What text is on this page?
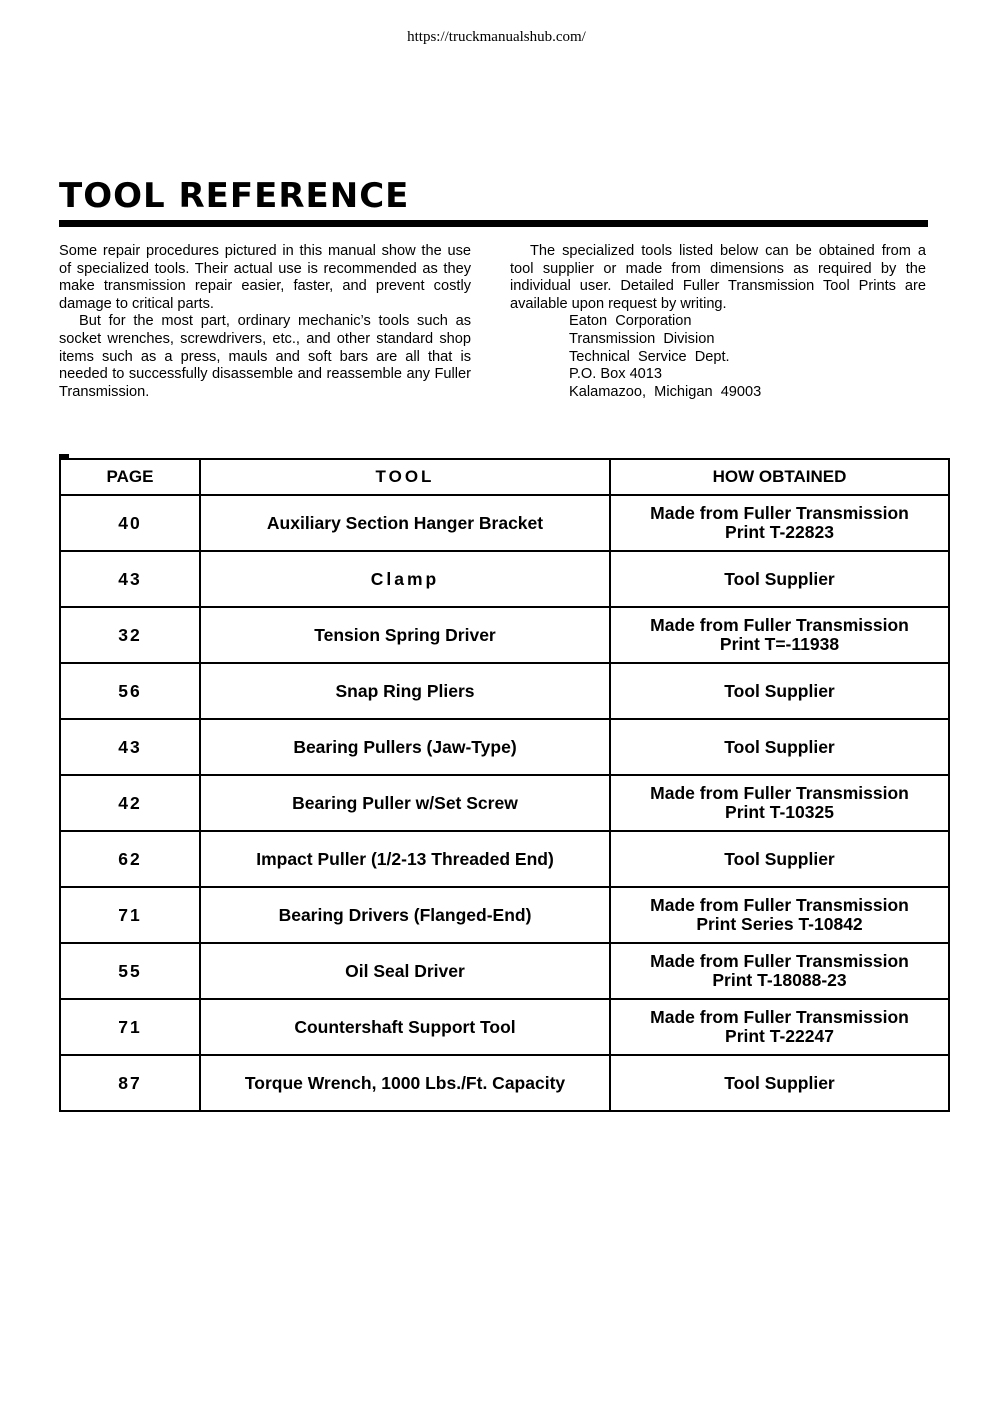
https://truckmanualshub.com/
TOOL REFERENCE

Some repair procedures pictured in this manual show the use of specialized tools. Their actual use is recommended as they make transmission repair easier, faster, and prevent costly damage to critical parts.

But for the most part, ordinary mechanic’s tools such as socket wrenches, screwdrivers, etc., and other standard shop items such as a press, mauls and soft bars are all that is needed to successfully disassemble and reassemble any Fuller Transmission.

The specialized tools listed below can be obtained from a tool supplier or made from dimensions as required by the individual user. Detailed Fuller Transmission Tool Prints are available upon request by writing.

Eaton  Corporation
Transmission  Division
Technical  Service  Dept.
P.O. Box 4013
Kalamazoo,  Michigan  49003
PAGE	TOOL	HOW OBTAINED
40	Auxiliary Section Hanger Bracket	Made from Fuller Transmission
Print T-22823

43	Clamp	Tool Supplier

32	Tension Spring Driver	Made from Fuller Transmission
Print T=-11938

56	Snap Ring Pliers	Tool Supplier

43	Bearing Pullers (Jaw-Type)	Tool Supplier

42	Bearing Puller w/Set Screw	Made from Fuller Transmission
Print T-10325

62	Impact Puller (1/2-13 Threaded End)	Tool Supplier

71	Bearing Drivers (Flanged-End)	Made from Fuller Transmission
Print Series T-10842

55	Oil Seal Driver	Made from Fuller Transmission
Print T-18088-23

71	Countershaft Support Tool	Made from Fuller Transmission
Print T-22247

87	Torque Wrench, 1000 Lbs./Ft. Capacity	Tool Supplier
